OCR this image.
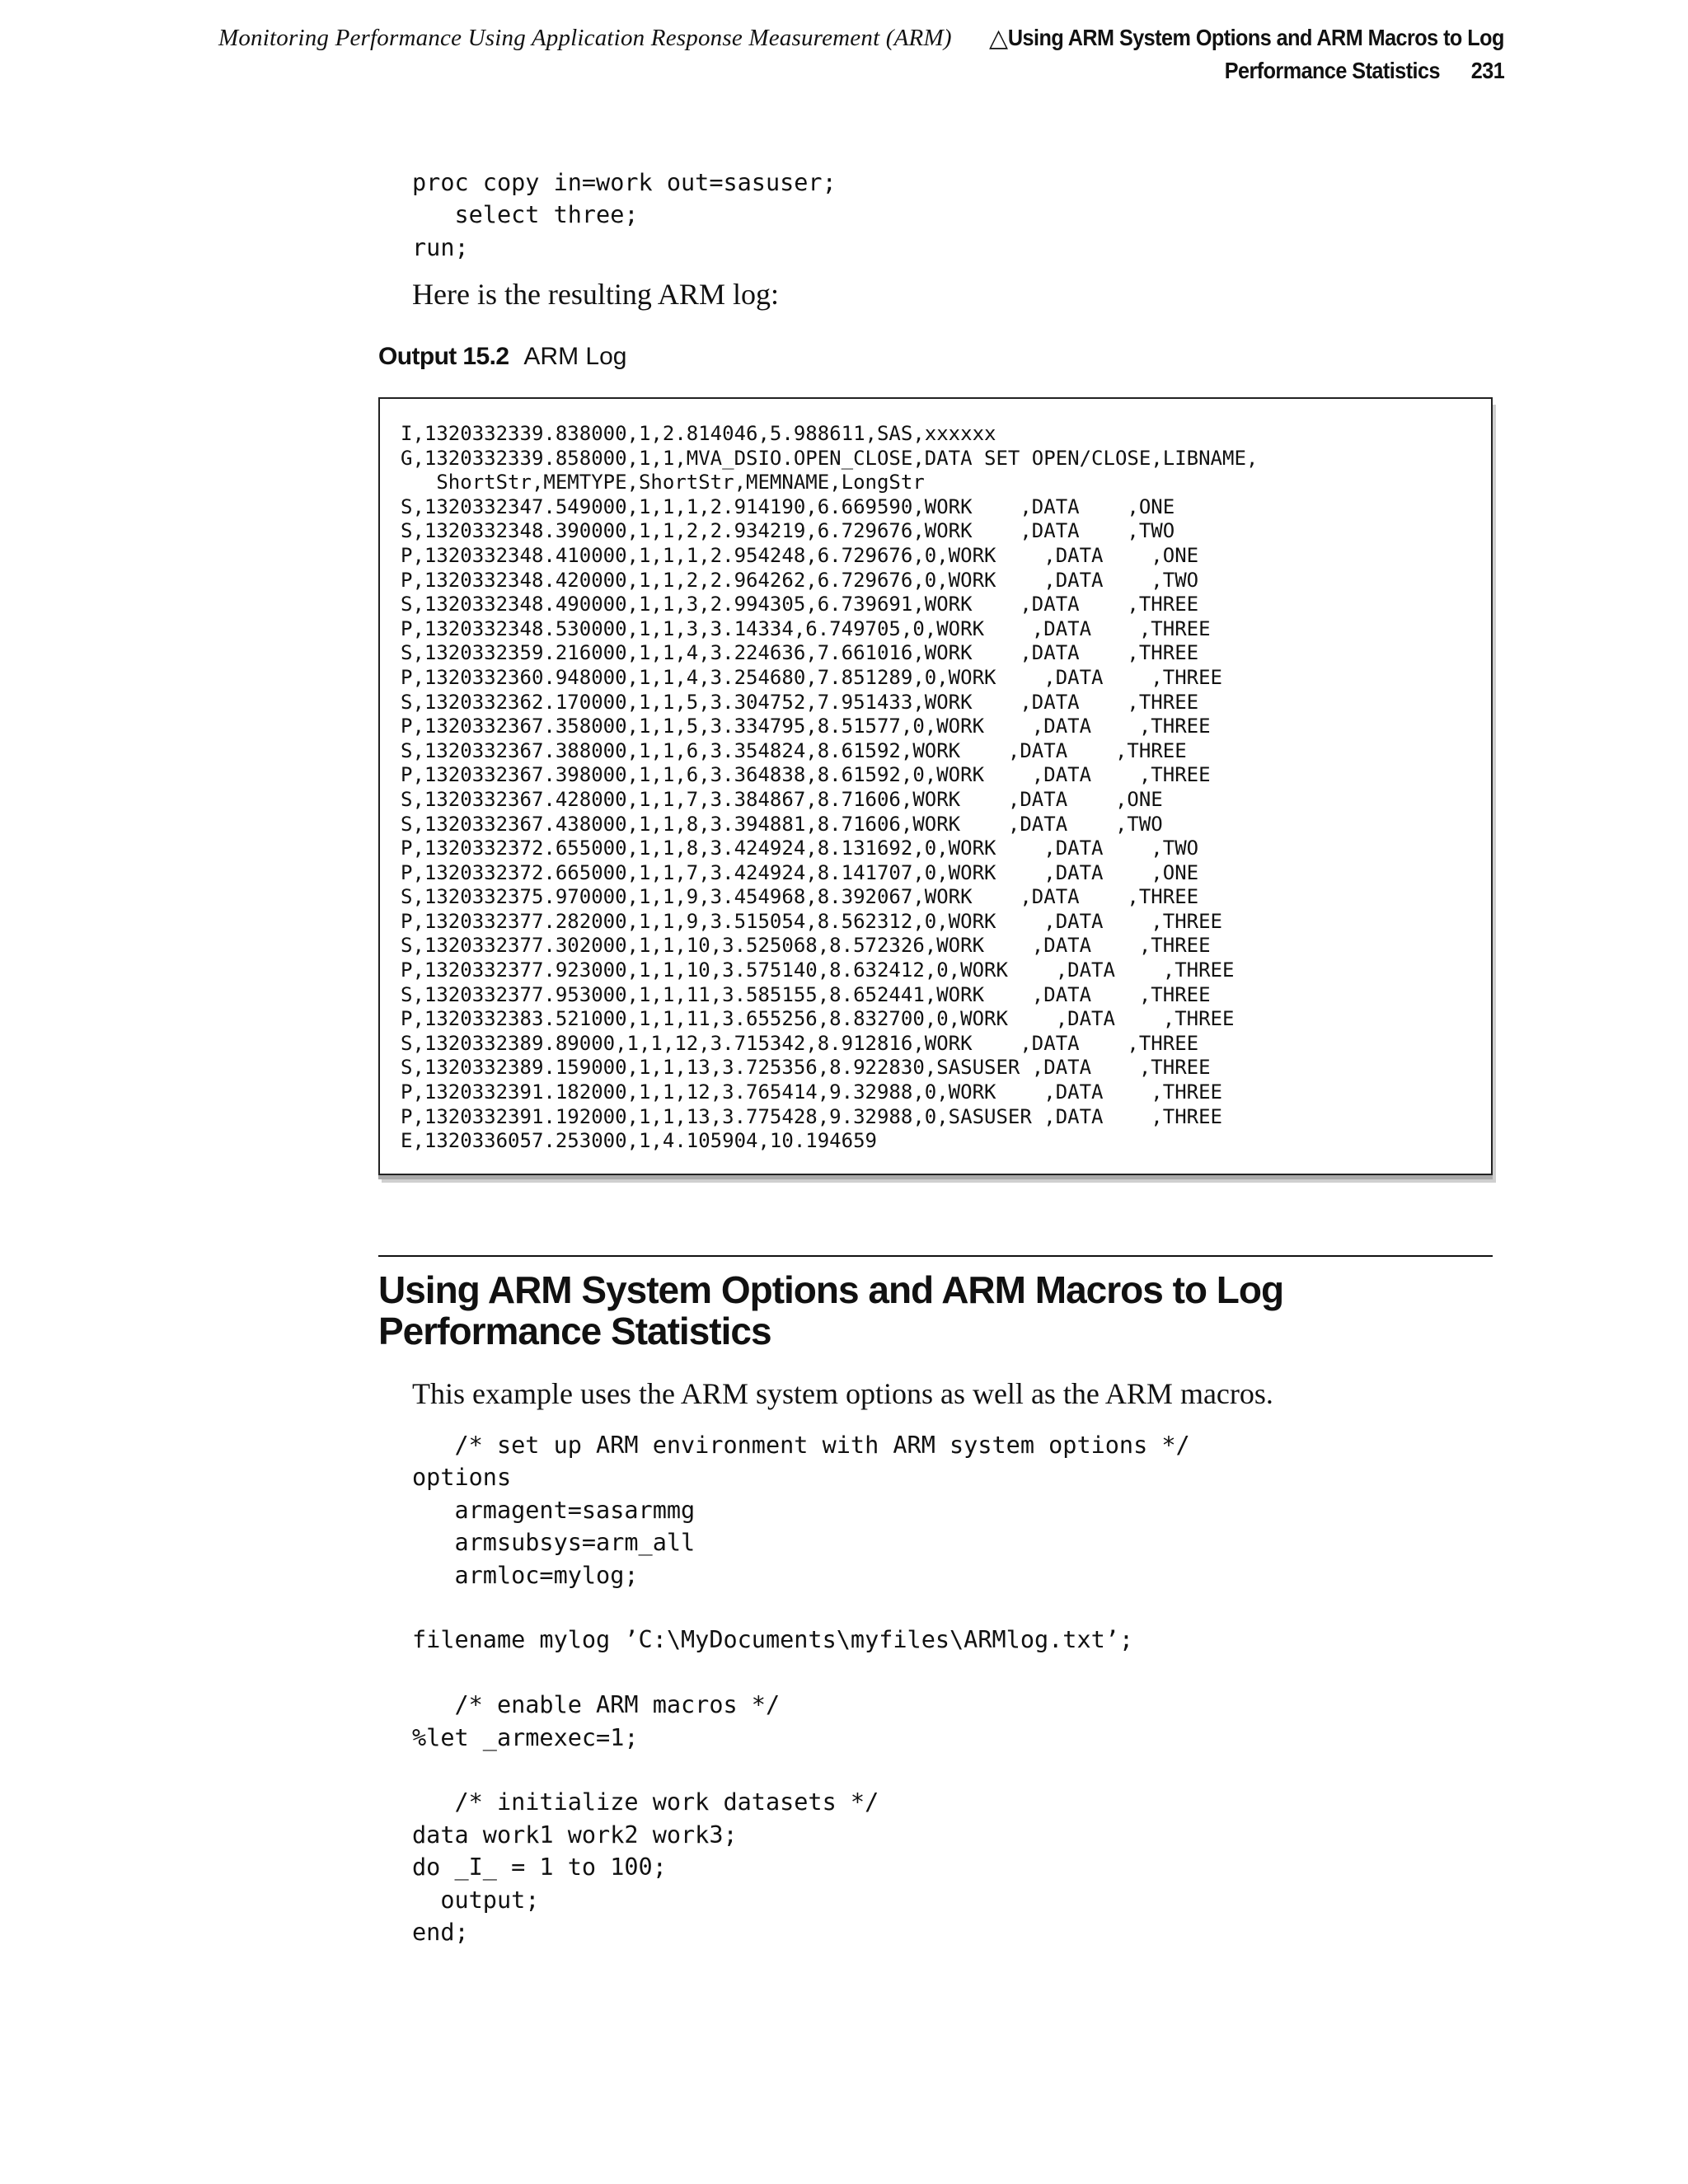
Monitoring Performance Using Application Response Measurement (ARM) △ Using ARM System Options and ARM Macros to Log
Performance Statistics 231
proc copy in=work out=sasuser;
select three;
run;
Here is the resulting ARM log:
Output 15.2 ARM Log
I,1320332339.838000,1,2.814046,5.988611,SAS,xxxxxx
G,1320332339.858000,1,1,MVA_DSIO.OPEN_CLOSE,DATA SET OPEN/CLOSE,LIBNAME,
ShortStr,MEMTYPE,ShortStr,MEMNAME,LongStr
S,1320332347.549000,1,1,1,2.914190,6.669590,WORK    ,DATA    ,ONE
S,1320332348.390000,1,1,2,2.934219,6.729676,WORK    ,DATA    ,TWO
P,1320332348.410000,1,1,1,2.954248,6.729676,0,WORK    ,DATA    ,ONE
P,1320332348.420000,1,1,2,2.964262,6.729676,0,WORK    ,DATA    ,TWO
S,1320332348.490000,1,1,3,2.994305,6.739691,WORK    ,DATA    ,THREE
P,1320332348.530000,1,1,3,3.14334,6.749705,0,WORK    ,DATA    ,THREE
S,1320332359.216000,1,1,4,3.224636,7.661016,WORK    ,DATA    ,THREE
P,1320332360.948000,1,1,4,3.254680,7.851289,0,WORK    ,DATA    ,THREE
S,1320332362.170000,1,1,5,3.304752,7.951433,WORK    ,DATA    ,THREE
P,1320332367.358000,1,1,5,3.334795,8.51577,0,WORK    ,DATA    ,THREE
S,1320332367.388000,1,1,6,3.354824,8.61592,WORK    ,DATA    ,THREE
P,1320332367.398000,1,1,6,3.364838,8.61592,0,WORK    ,DATA    ,THREE
S,1320332367.428000,1,1,7,3.384867,8.71606,WORK    ,DATA    ,ONE
S,1320332367.438000,1,1,8,3.394881,8.71606,WORK    ,DATA    ,TWO
P,1320332372.655000,1,1,8,3.424924,8.131692,0,WORK    ,DATA    ,TWO
P,1320332372.665000,1,1,7,3.424924,8.141707,0,WORK    ,DATA    ,ONE
S,1320332375.970000,1,1,9,3.454968,8.392067,WORK    ,DATA    ,THREE
P,1320332377.282000,1,1,9,3.515054,8.562312,0,WORK    ,DATA    ,THREE
S,1320332377.302000,1,1,10,3.525068,8.572326,WORK    ,DATA    ,THREE
P,1320332377.923000,1,1,10,3.575140,8.632412,0,WORK    ,DATA    ,THREE
S,1320332377.953000,1,1,11,3.585155,8.652441,WORK    ,DATA    ,THREE
P,1320332383.521000,1,1,11,3.655256,8.832700,0,WORK    ,DATA    ,THREE
S,1320332389.89000,1,1,12,3.715342,8.912816,WORK    ,DATA    ,THREE
S,1320332389.159000,1,1,13,3.725356,8.922830,SASUSER ,DATA    ,THREE
P,1320332391.182000,1,1,12,3.765414,9.32988,0,WORK    ,DATA    ,THREE
P,1320332391.192000,1,1,13,3.775428,9.32988,0,SASUSER ,DATA    ,THREE
E,1320336057.253000,1,4.105904,10.194659
Using ARM System Options and ARM Macros to Log Performance Statistics
This example uses the ARM system options as well as the ARM macros.
/* set up ARM environment with ARM system options */
options
armagent=sasarmmg
armsubsys=arm_all
armloc=mylog;

filename mylog ’C:\MyDocuments\myfiles\ARMlog.txt’;

/* enable ARM macros */
%let _armexec=1;

/* initialize work datasets */
data work1 work2 work3;
do _I_ = 1 to 100;
output;
end;
